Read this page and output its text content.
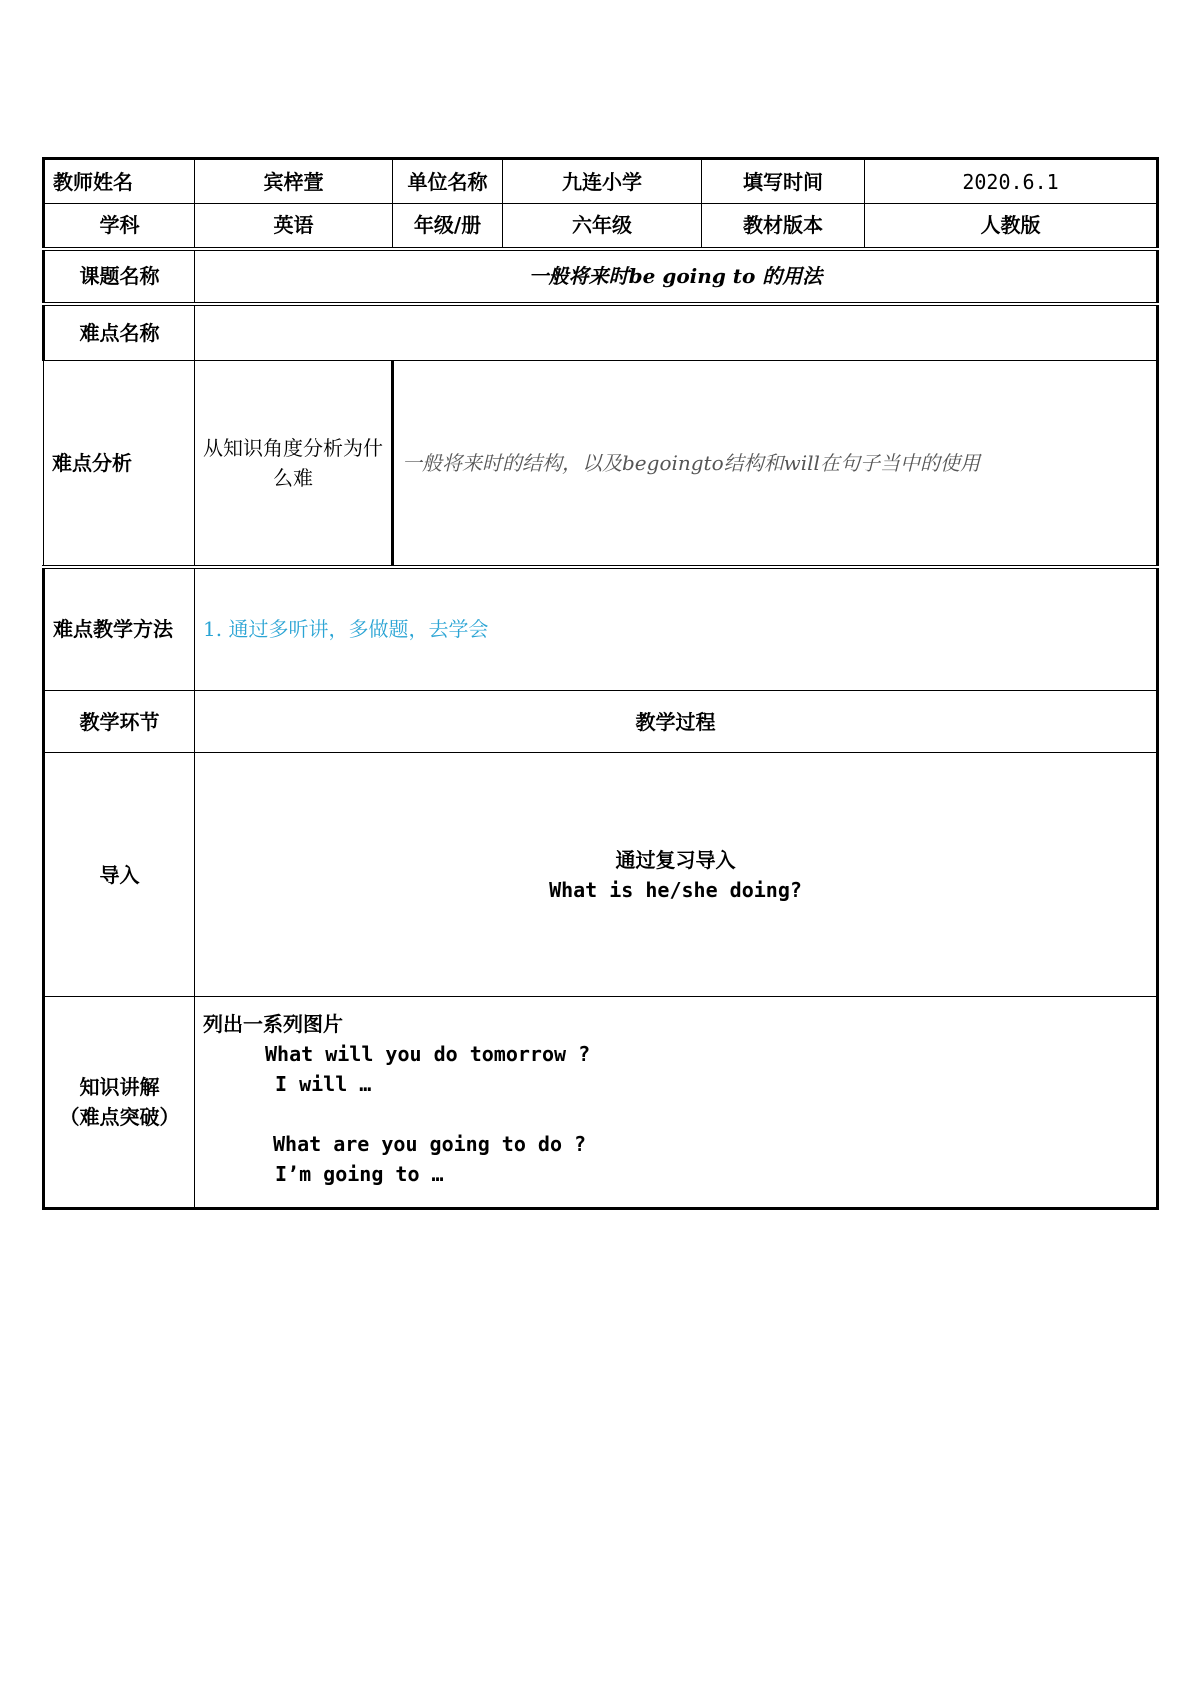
教师姓名	宾梓萱	单位名称	九连小学	填写时间	2020.6.1
学科	英语	年级/册	六年级	教材版本	人教版
课题名称	一般将来时be going to 的用法				
难点名称					
难点分析	从知识角度分析为什么难	一般将来时的结构，以及begoingto结构和will在句子当中的使用			
难点教学方法	1. 通过多听讲，多做题，去学会				
教学环节	教学过程				
导入	通过复习导入
What is he/she doing?				

知识讲解
（难点突破）	列出一系列图片
What will you do tomorrow ?
I will …
What are you going to do ?
I’m going to …				
